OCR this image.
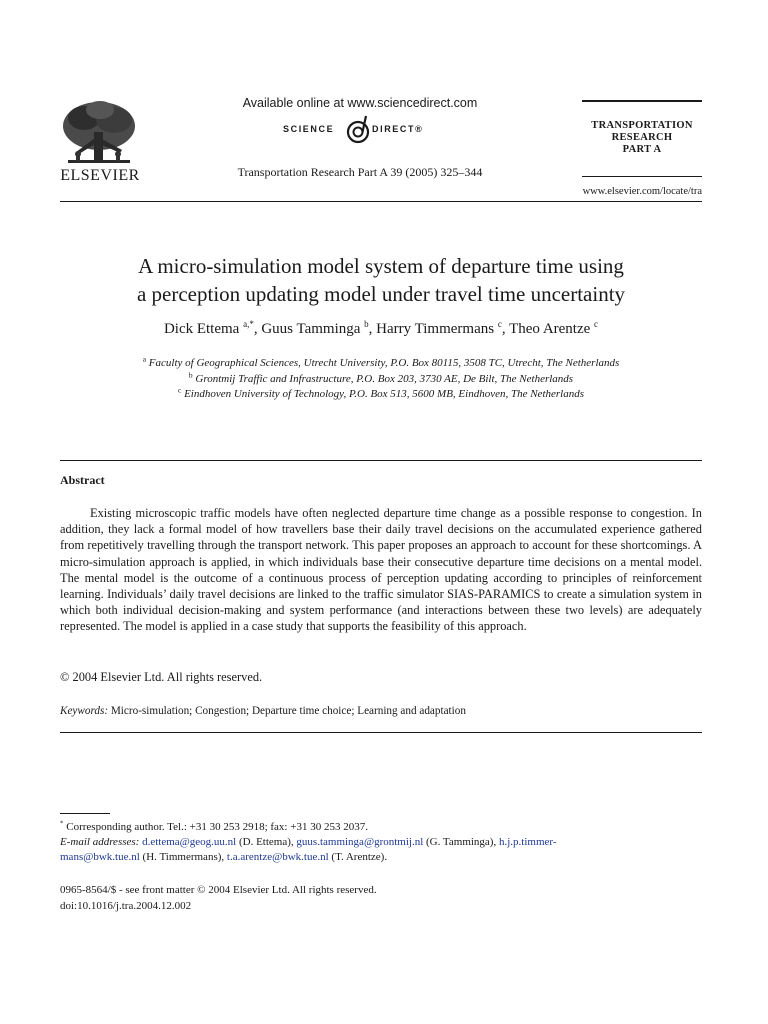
ELSEVIER
Available online at www.sciencedirect.com
SCIENCE	DIRECT®
Transportation Research Part A 39 (2005) 325–344
TRANSPORTATION
RESEARCH
PART A
www.elsevier.com/locate/tra
A micro-simulation model system of departure time using
a perception updating model under travel time uncertainty
Dick Ettema $^{a,*}$, Guus Tamminga $^b$, Harry Timmermans $^c$, Theo Arentze $^c$
$^a$ Faculty of Geographical Sciences, Utrecht University, P.O. Box 80115, 3508 TC, Utrecht, The Netherlands
$^b$ Grontmij Traffic and Infrastructure, P.O. Box 203, 3730 AE, De Bilt, The Netherlands
$^c$ Eindhoven University of Technology, P.O. Box 513, 5600 MB, Eindhoven, The Netherlands
Abstract

Existing microscopic traffic models have often neglected departure time change as a possible response to congestion. In addition, they lack a formal model of how travellers base their daily travel decisions on the accumulated experience gathered from repetitively travelling through the transport network. This paper proposes an approach to account for these shortcomings. A micro-simulation approach is applied, in which individuals base their consecutive departure time decisions on a mental model. The mental model is the outcome of a continuous process of perception updating according to principles of reinforcement learning. Individuals’ daily travel decisions are linked to the traffic simulator SIAS-PARAMICS to create a simulation system in which both individual decision-making and system performance (and interactions between these two levels) are adequately represented. The model is applied in a case study that supports the feasibility of this approach.

© 2004 Elsevier Ltd. All rights reserved.
Keywords: Micro-simulation; Congestion; Departure time choice; Learning and adaptation
* Corresponding author. Tel.: +31 30 253 2918; fax: +31 30 253 2037.
E-mail addresses: d.ettema@geog.uu.nl (D. Ettema), guus.tamminga@grontmij.nl (G. Tamminga), h.j.p.timmer-
mans@bwk.tue.nl (H. Timmermans), t.a.arentze@bwk.tue.nl (T. Arentze).
0965-8564/$ - see front matter © 2004 Elsevier Ltd. All rights reserved.
doi:10.1016/j.tra.2004.12.002
